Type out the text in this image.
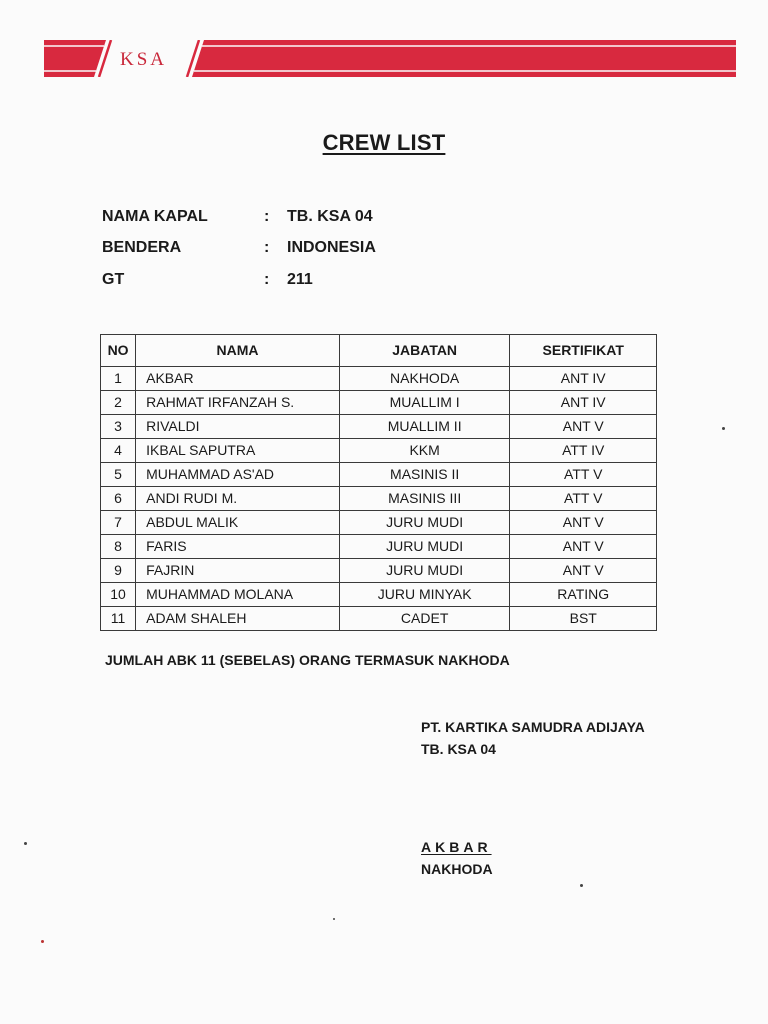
KSA
CREW LIST
NAMA KAPAL	: TB. KSA 04
BENDERA	: INDONESIA
GT	: 211
NO	NAMA	JABATAN	SERTIFIKAT
1	AKBAR	NAKHODA	ANT IV
2	RAHMAT IRFANZAH S.	MUALLIM I	ANT IV
3	RIVALDI	MUALLIM II	ANT V
4	IKBAL SAPUTRA	KKM	ATT IV
5	MUHAMMAD AS'AD	MASINIS II	ATT V
6	ANDI RUDI M.	MASINIS III	ATT V
7	ABDUL MALIK	JURU MUDI	ANT V
8	FARIS	JURU MUDI	ANT V
9	FAJRIN	JURU MUDI	ANT V
10	MUHAMMAD MOLANA	JURU MINYAK	RATING
11	ADAM SHALEH	CADET	BST
JUMLAH ABK 11 (SEBELAS) ORANG TERMASUK NAKHODA
PT. KARTIKA SAMUDRA ADIJAYA
TB. KSA 04
AKBAR
NAKHODA
